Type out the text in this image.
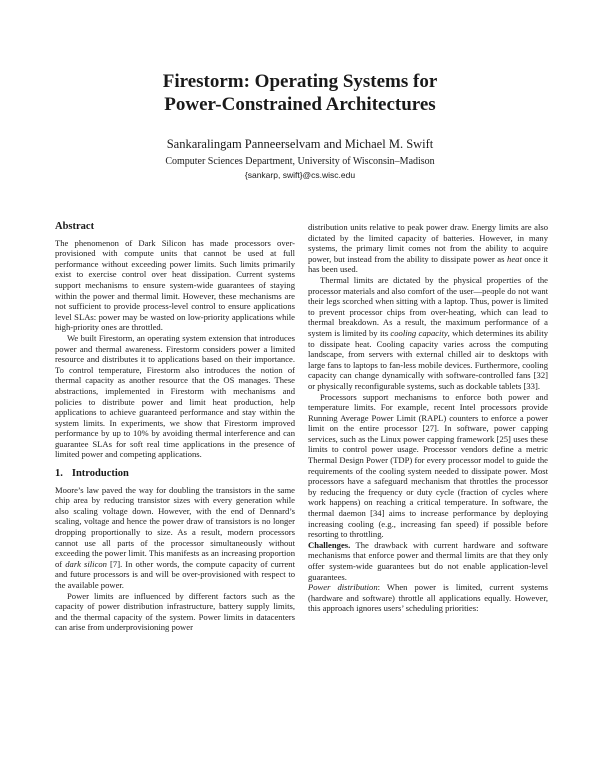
Firestorm: Operating Systems for
Power-Constrained Architectures
Sankaralingam Panneerselvam and Michael M. Swift
Computer Sciences Department, University of Wisconsin–Madison
{sankarp, swift}@cs.wisc.edu
Abstract

The phenomenon of Dark Silicon has made processors over-provisioned with compute units that cannot be used at full performance without exceeding power limits. Such limits primarily exist to exercise control over heat dissipation. Current systems support mechanisms to ensure system-wide guarantees of staying within the power and thermal limit. However, these mechanisms are not sufficient to provide process-level control to ensure applications level SLAs: power may be wasted on low-priority applications while high-priority ones are throttled.

We built Firestorm, an operating system extension that introduces power and thermal awareness. Firestorm considers power a limited resource and distributes it to applications based on their importance. To control temperature, Firestorm also introduces the notion of thermal capacity as another resource that the OS manages. These abstractions, implemented in Firestorm with mechanisms and policies to distribute power and limit heat production, help applications to achieve guaranteed performance and stay within the system limits. In experiments, we show that Firestorm improved performance by up to 10% by avoiding thermal interference and can guarantee SLAs for soft real time applications in the presence of limited power and competing applications.

1. Introduction

Moore’s law paved the way for doubling the transistors in the same chip area by reducing transistor sizes with every generation while also scaling voltage down. However, with the end of Dennard’s scaling, voltage and hence the power draw of transistors is no longer dropping proportionally to size. As a result, modern processors cannot use all parts of the processor simultaneously without exceeding the power limit. This manifests as an increasing proportion of dark silicon [7]. In other words, the compute capacity of current and future processors is and will be over-provisioned with respect to the available power.

Power limits are influenced by different factors such as the capacity of power distribution infrastructure, battery supply limits, and the thermal capacity of the system. Power limits in datacenters can arise from underprovisioning power

distribution units relative to peak power draw. Energy limits are also dictated by the limited capacity of batteries. However, in many systems, the primary limit comes not from the ability to acquire power, but instead from the ability to dissipate power as heat once it has been used.

Thermal limits are dictated by the physical properties of the processor materials and also comfort of the user—people do not want their legs scorched when sitting with a laptop. Thus, power is limited to prevent processor chips from over-heating, which can lead to thermal breakdown. As a result, the maximum performance of a system is limited by its cooling capacity, which determines its ability to dissipate heat. Cooling capacity varies across the computing landscape, from servers with external chilled air to desktops with large fans to laptops to fan-less mobile devices. Furthermore, cooling capacity can change dynamically with software-controlled fans [32] or physically reconfigurable systems, such as dockable tablets [33].

Processors support mechanisms to enforce both power and temperature limits. For example, recent Intel processors provide Running Average Power Limit (RAPL) counters to enforce a power limit on the entire processor [27]. In software, power capping services, such as the Linux power capping framework [25] uses these limits to control power usage. Processor vendors define a metric Thermal Design Power (TDP) for every processor model to guide the requirements of the cooling system needed to dissipate power. Most processors have a safeguard mechanism that throttles the processor by reducing the frequency or duty cycle (fraction of cycles where work happens) on reaching a critical temperature. In software, the thermal daemon [34] aims to increase performance by deploying increasing cooling (e.g., increasing fan speed) if possible before resorting to throttling.

Challenges. The drawback with current hardware and software mechanisms that enforce power and thermal limits are that they only offer system-wide guarantees but do not enable application-level guarantees.

Power distribution: When power is limited, current systems (hardware and software) throttle all applications equally. However, this approach ignores users’ scheduling priorities:
